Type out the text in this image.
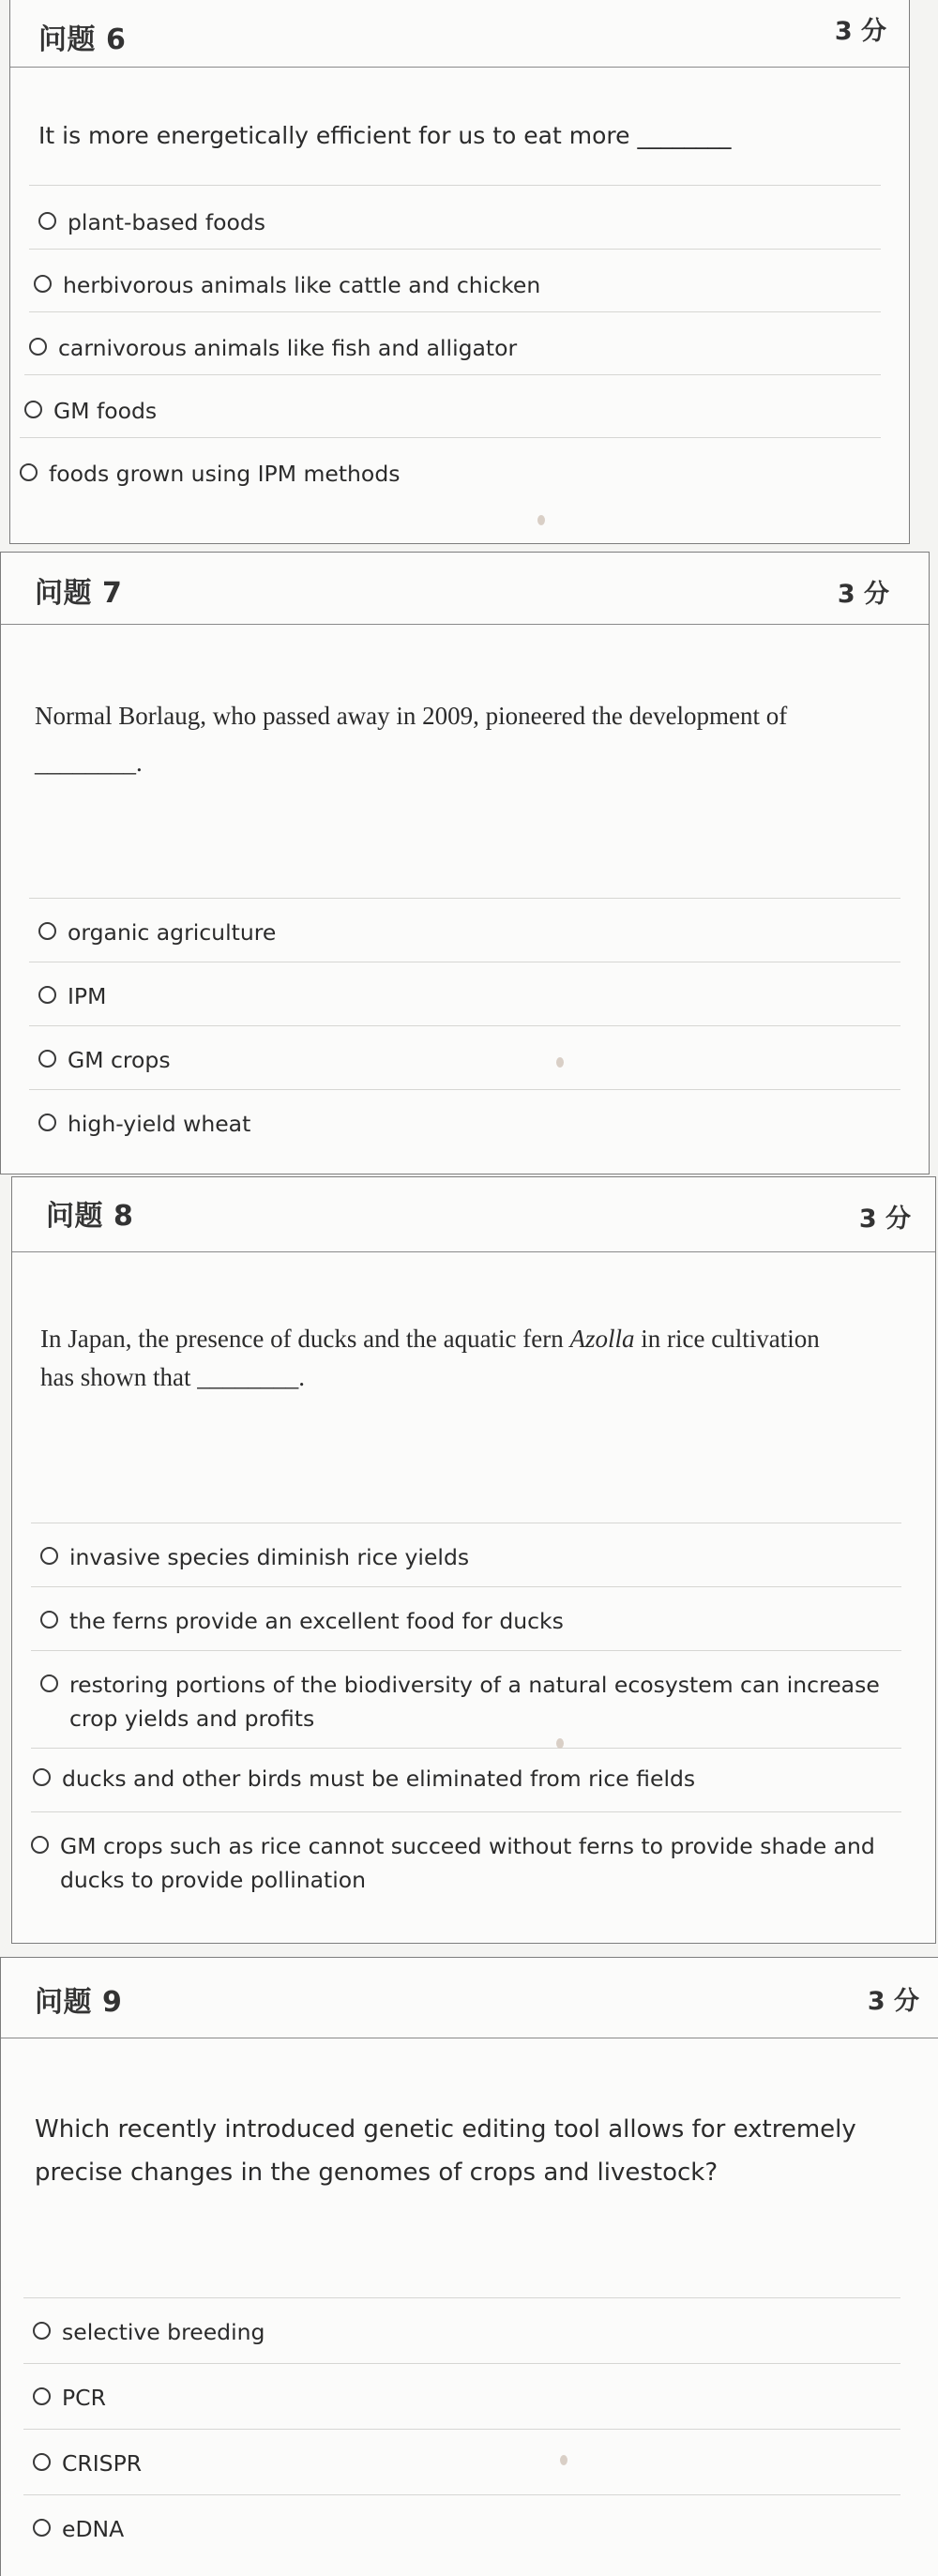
问题 6	3 分
It is more energetically efficient for us to eat more ________
plant-based foods
herbivorous animals like cattle and chicken
carnivorous animals like fish and alligator
GM foods
foods grown using IPM methods
问题 7	3 分
Normal Borlaug, who passed away in 2009, pioneered the development of
________.
organic agriculture
IPM
GM crops
high-yield wheat
问题 8	3 分
In Japan, the presence of ducks and the aquatic fern Azolla in rice cultivation
has shown that ________.
invasive species diminish rice yields
the ferns provide an excellent food for ducks
restoring portions of the biodiversity of a natural ecosystem can increase crop yields and profits
ducks and other birds must be eliminated from rice fields
GM crops such as rice cannot succeed without ferns to provide shade and ducks to provide pollination
问题 9	3 分
Which recently introduced genetic editing tool allows for extremely
precise changes in the genomes of crops and livestock?
selective breeding
PCR
CRISPR
eDNA
